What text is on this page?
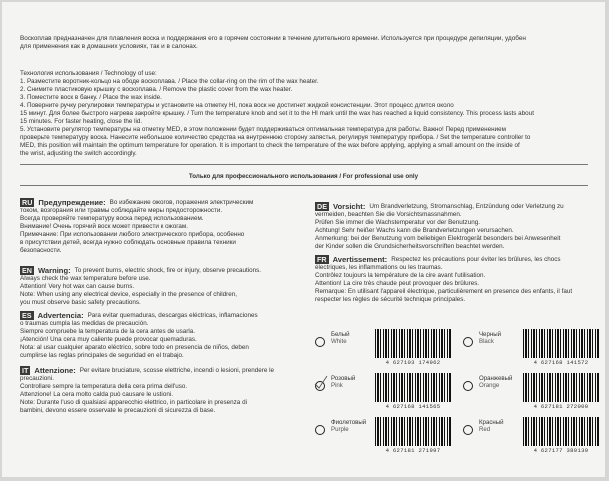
Воскоплав предназначен для плавления воска и поддержания его в горячем состоянии в течение длительного времени. Используется при процедуре депиляции, удобен
для применения как в домашних условиях, так и в салонах.
Технология использования / Technology of use:
1. Разместите воротник-кольцо на ободе воскоплава. / Place the collar-ring on the rim of the wax heater.
2. Снимите пластиковую крышку с воскоплава. / Remove the plastic cover from the wax heater.
3. Поместите воск в банку. / Place the wax inside.
4. Поверните ручку регулировки температуры и установите на отметку HI, пока воск не достигнет жидкой консистенции. Этот процесс длится около
15 минут. Для более быстрого нагрева закройте крышку. / Turn the temperature knob and set it to the HI mark until the wax has reached a liquid consistency. This process lasts about
15 minutes. For faster heating, close the lid.
5. Установите регулятор температуры на отметку MED, в этом положении будет поддерживаться оптимальная температура для работы. Важно! Перед применением
проверьте температуру воска. Нанесите небольшое количество средства на внутреннюю сторону запястья, регулируя температуру прибора. / Set the temperature controller to
MED, this position will maintain the optimum temperature for operation. It is important to check the temperature of the wax before applying, applying a small amount on the inside of
the wrist, adjusting the switch accordingly.
Только для профессионального использования / For professional use only
RU Предупреждение: Во избежание ожогов, поражения электрическим
током, возгорания или травмы соблюдайте меры предосторожности.
Всегда проверяйте температуру воска перед использованием.
Внимание! Очень горячий воск может привести к ожогам.
Примечание: При использовании любого электрического прибора, особенно
в присутствии детей, всегда нужно соблюдать основные правила техники
безопасности.
EN Warning: To prevent burns, electric shock, fire or injury, observe precautions.
Always check the wax temperature before use.
Attention! Very hot wax can cause burns.
Note: When using any electrical device, especially in the presence of children,
you must observe basic safety precautions.
ES Advertencia: Para evitar quemaduras, descargas eléctricas, inflamaciones
o traumas cumpla las medidas de precaución.
Siempre compruebe la temperatura de la cera antes de usarla.
¡Atención! Una cera muy caliente puede provocar quemaduras.
Nota: al usar cualquier aparato eléctrico, sobre todo en presencia de niños, deben
cumplirse las reglas principales de seguridad en el trabajo.
IT Attenzione: Per evitare bruciature, scosse elettriche, incendi o lesioni, prendere le
precauzioni.
Controllare sempre la temperatura della cera prima dell'uso.
Attenzione! La cera molto calda può causare le ustioni.
Note: Durante l'uso di qualsiasi apparecchio elettrico, in particolare in presenza di
bambini, devono essere osservate le precauzioni di sicurezza di base.
DE Vorsicht: Um Brandverletzung, Stromanschlag, Entzündung oder Verletzung zu
vermeiden, beachten Sie die Vorsichtsmassnahmen.
Prüfen Sie immer die Wachstemperatur vor der Benutzung.
Achtung! Sehr heißer Wachs kann die Brandverletzungen verursachen.
Anmerkung: bei der Benutzung vom beliebigen Elektrogerät besonders bei Anwesenheit
der Kinder sollen die Grundsicherheitsvorschriften beachtet werden.
FR Avertissement: Respectez les précautions pour éviter les brûlures, les chocs
électriques, les inflammations ou les traumas.
Contrôlez toujours la température de la cire avant l'utilisation.
Attention! La cire très chaude peut provoquer des brûlures.
Remarque: En utilisant l'appareil électrique, particulièrement en presence des enfants, il faut
respecter les règles de sécurité technique principales.
Белый
White
4 627103 174962
Черный
Black
4 627168 141572
Розовый
Pink
4 627168 141565
Оранжевый
Orange
4 627181 272000
Фиолетовый
Purple
4 627181 271997
Красный
Red
4 627177 380139
